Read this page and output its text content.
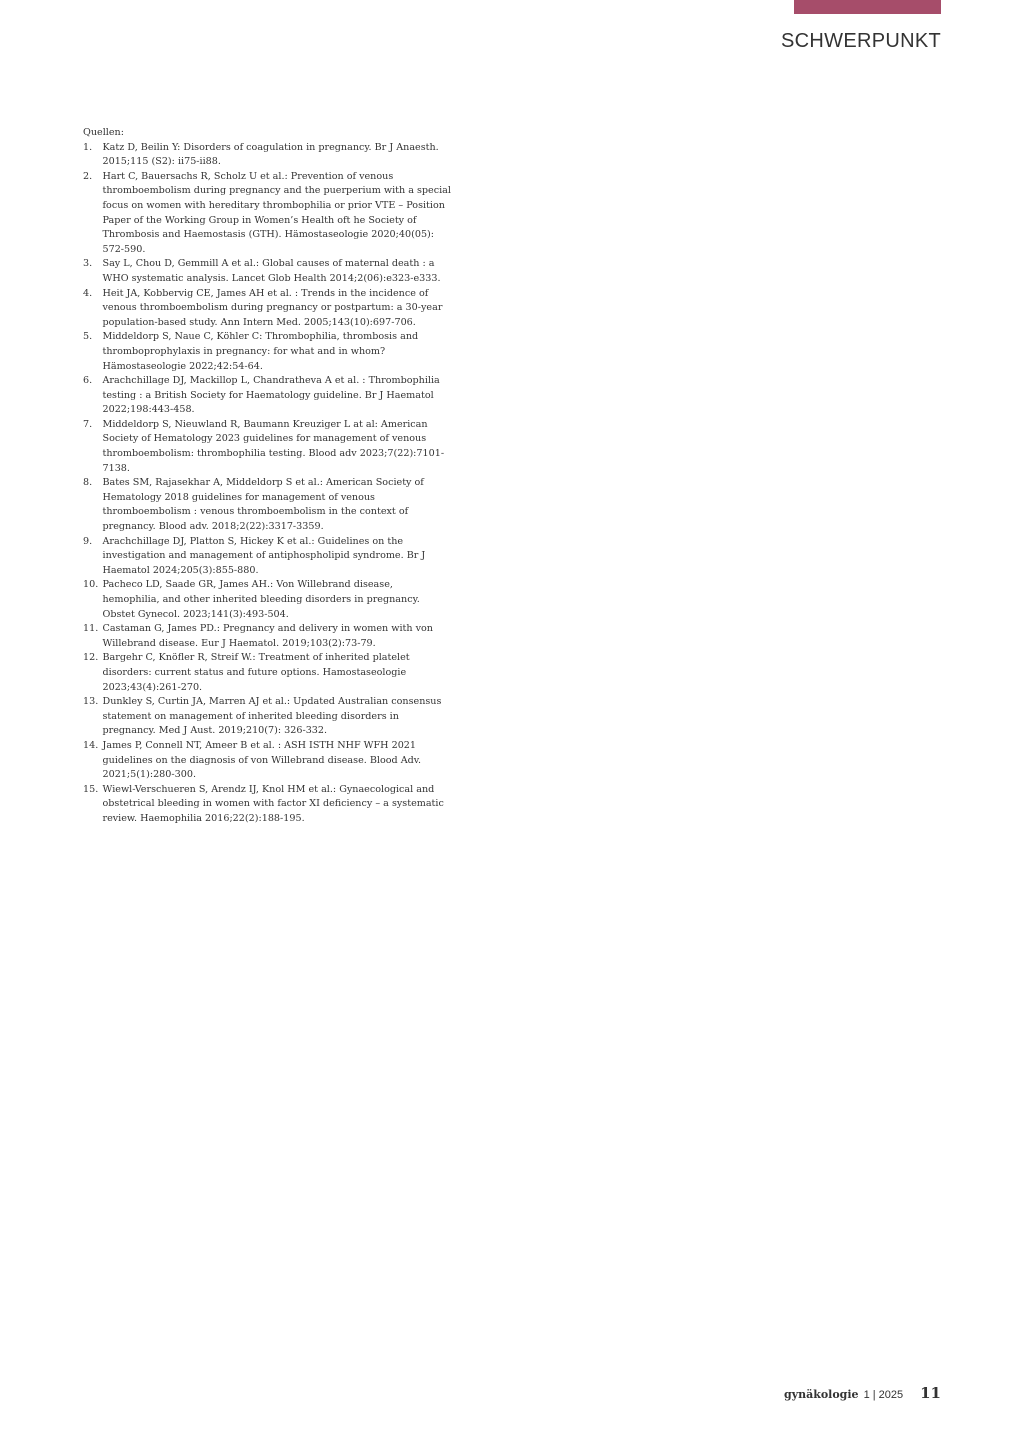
SCHWERPUNKT

Quellen:

1. Katz D, Beilin Y: Disorders of coagulation in pregnancy. Br J Anaesth. 2015;115 (S2): ii75-ii88.
2. Hart C, Bauersachs R, Scholz U et al.: Prevention of venous thromboembolism during pregnancy and the puerperium with a special focus on women with hereditary thrombophilia or prior VTE – Position Paper of the Working Group in Women’s Health oft he Society of Thrombosis and Haemostasis (GTH). Hämostaseologie 2020;40(05): 572-590.
3. Say L, Chou D, Gemmill A et al.: Global causes of maternal death : a WHO systematic analysis. Lancet Glob Health 2014;2(06):e323-e333.
4. Heit JA, Kobbervig CE, James AH et al. : Trends in the incidence of venous thromboembolism during pregnancy or postpartum: a 30-year population-based study. Ann Intern Med. 2005;143(10):697-706.
5. Middeldorp S, Naue C, Köhler C: Thrombophilia, thrombosis and thromboprophylaxis in pregnancy: for what and in whom? Hämostaseologie 2022;42:54-64.
6. Arachchillage DJ, Mackillop L, Chandratheva A et al. : Thrombophilia testing : a British Society for Haematology guideline. Br J Haematol 2022;198:443-458.
7. Middeldorp S, Nieuwland R, Baumann Kreuziger L at al: American Society of Hematology 2023 guidelines for management of venous thromboembolism: thrombophilia testing. Blood adv 2023;7(22):7101-7138.
8. Bates SM, Rajasekhar A, Middeldorp S et al.: American Society of Hematology 2018 guidelines for management of venous thromboembolism : venous thromboembolism in the context of pregnancy. Blood adv. 2018;2(22):3317-3359.
9. Arachchillage DJ, Platton S, Hickey K et al.: Guidelines on the investigation and management of antiphospholipid syndrome. Br J Haematol 2024;205(3):855-880.
10. Pacheco LD, Saade GR, James AH.: Von Willebrand disease, hemophilia, and other inherited bleeding disorders in pregnancy. Obstet Gynecol. 2023;141(3):493-504.
11. Castaman G, James PD.: Pregnancy and delivery in women with von Willebrand disease. Eur J Haematol. 2019;103(2):73-79.
12. Bargehr C, Knöfler R, Streif W.: Treatment of inherited platelet disorders: current status and future options. Hamostaseologie 2023;43(4):261-270.
13. Dunkley S, Curtin JA, Marren AJ et al.: Updated Australian consensus statement on management of inherited bleeding disorders in pregnancy. Med J Aust. 2019;210(7): 326-332.
14. James P, Connell NT, Ameer B et al. : ASH ISTH NHF WFH 2021 guidelines on the diagnosis of von Willebrand disease. Blood Adv. 2021;5(1):280-300.
15. Wiewl-Verschueren S, Arendz IJ, Knol HM et al.: Gynaecological and obstetrical bleeding in women with factor XI deficiency – a systematic review. Haemophilia 2016;22(2):188-195.
gynäkologie 1 | 2025 11
